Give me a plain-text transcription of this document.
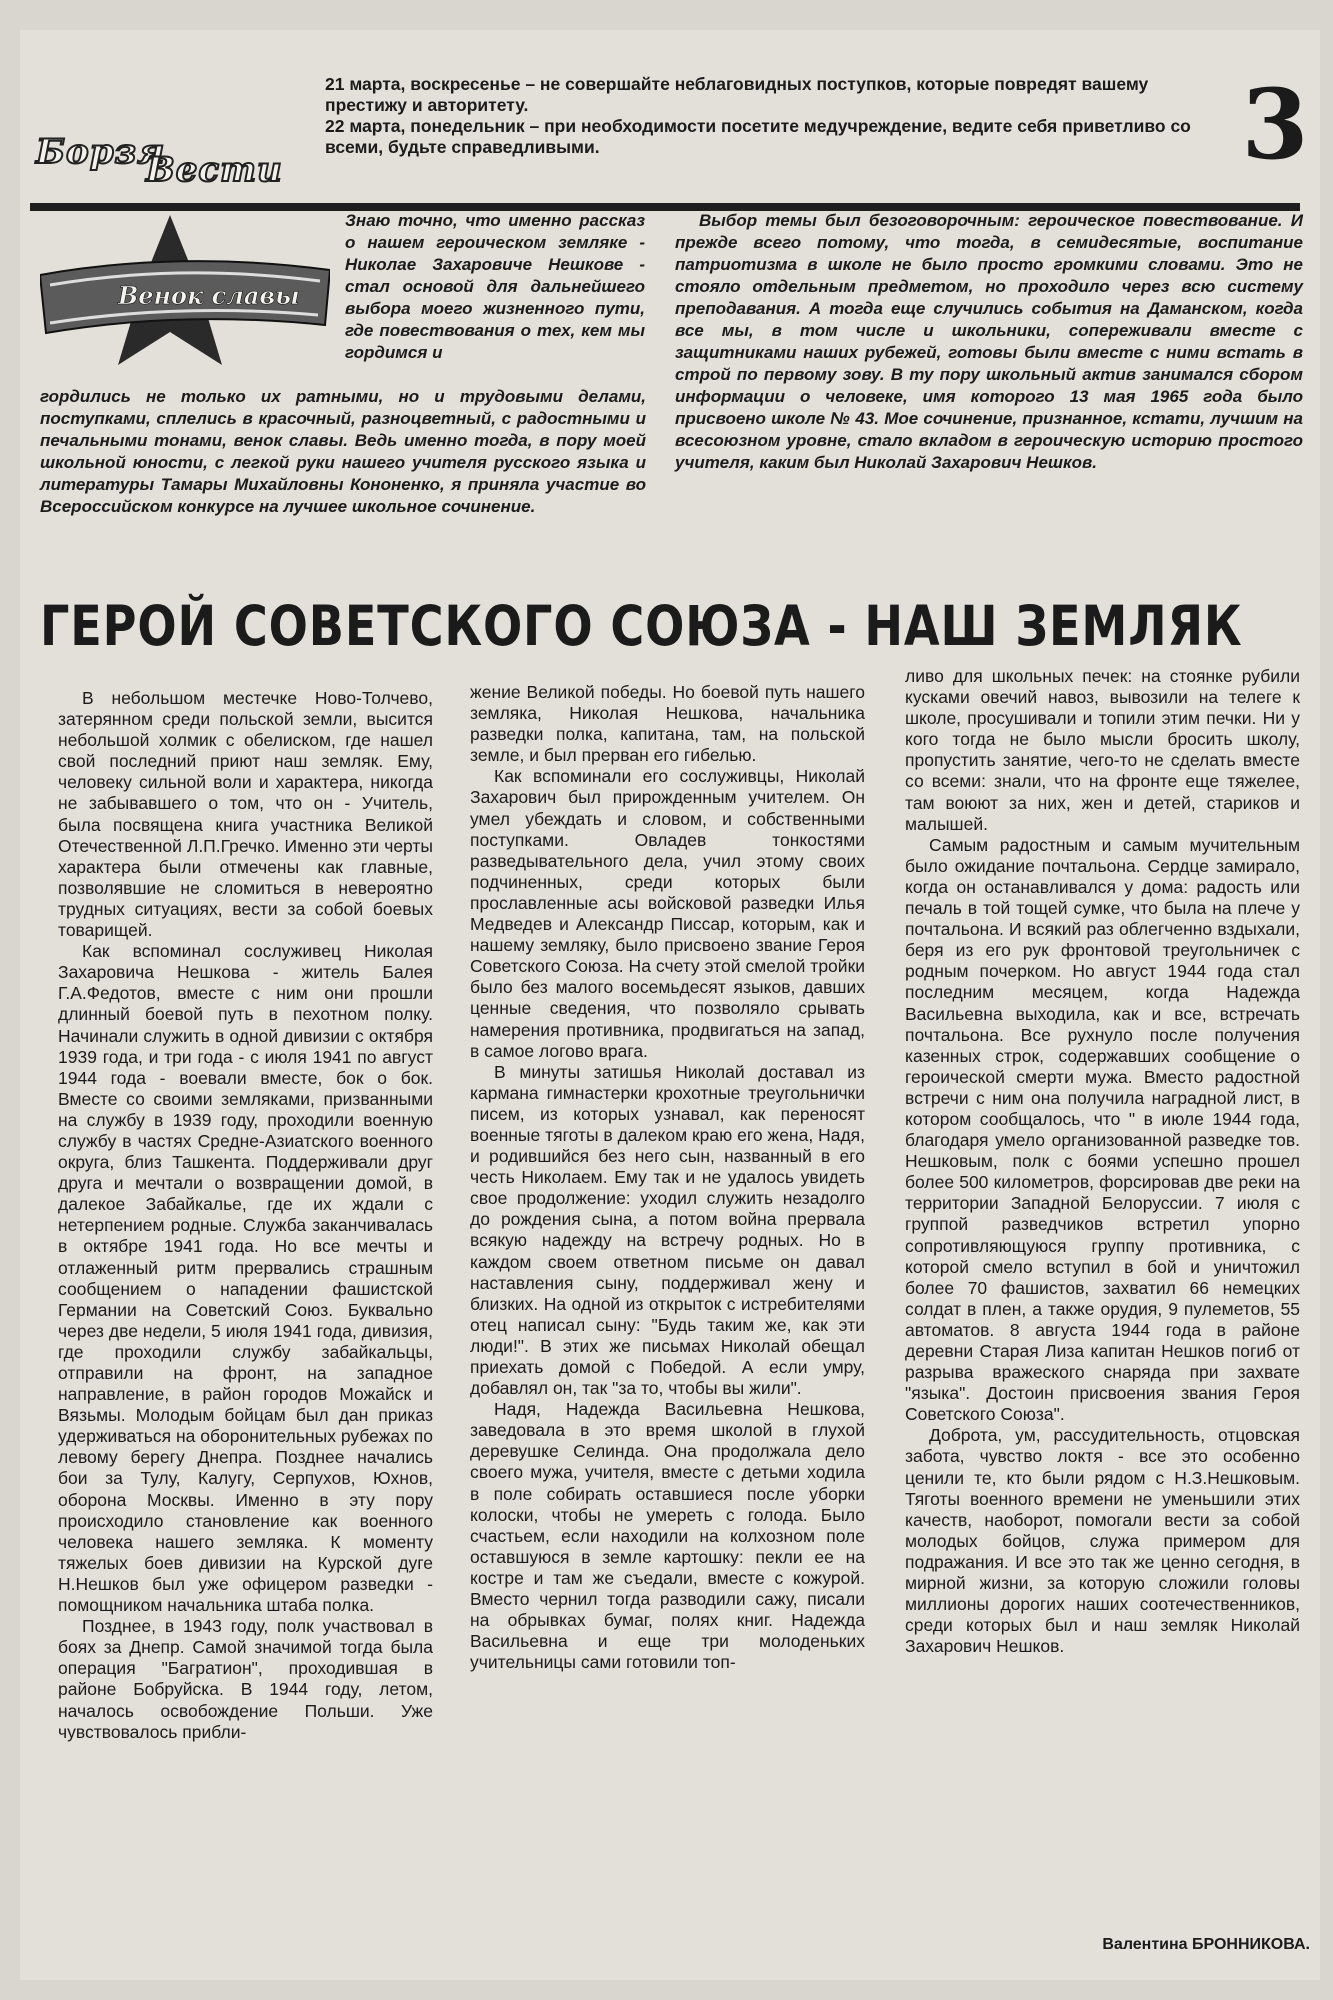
Борзя
Вести

21 марта, воскресенье – не совершайте неблаговидных поступков, которые повредят вашему престижу и авторитету.

22 марта, понедельник – при необходимости посетите медучреждение, ведите себя приветливо со всеми, будьте справедливыми.	3
Венок славы

Знаю точно, что именно рассказ о нашем героическом земляке - Николае Захаровиче Нешкове - стал основой для дальнейшего выбора моего жизненного пути, где повествования о тех, кем мы гордимся и

гордились не только их ратными, но и трудовыми делами, поступками, сплелись в красочный, разноцветный, с радостными и печальными тонами, венок славы. Ведь именно тогда, в пору моей школьной юности, с легкой руки нашего учителя русского языка и литературы Тамары Михайловны Кононенко, я приняла участие во Всероссийском конкурсе на лучшее школьное сочинение.

Выбор темы был безоговорочным: героическое повествование. И прежде всего потому, что тогда, в семидесятые, воспитание патриотизма в школе не было просто громкими словами. Это не стояло отдельным предметом, но проходило через всю систему преподавания. А тогда еще случились события на Даманском, когда все мы, в том числе и школьники, сопереживали вместе с защитниками наших рубежей, готовы были вместе с ними встать в строй по первому зову. В ту пору школьный актив занимался сбором информации о человеке, имя которого 13 мая 1965 года было присвоено школе № 43. Мое сочинение, признанное, кстати, лучшим на всесоюзном уровне, стало вкладом в героическую историю простого учителя, каким был Николай Захарович Нешков.

ГЕРОЙ СОВЕТСКОГО СОЮЗА - НАШ ЗЕМЛЯК

В небольшом местечке Ново-Толчево, затерянном среди польской земли, высится небольшой холмик с обелиском, где нашел свой последний приют наш земляк. Ему, человеку сильной воли и характера, никогда не забывавшего о том, что он - Учитель, была посвящена книга участника Великой Отечественной Л.П.Гречко. Именно эти черты характера были отмечены как главные, позволявшие не сломиться в невероятно трудных ситуациях, вести за собой боевых товарищей.

Как вспоминал сослуживец Николая Захаровича Нешкова - житель Балея Г.А.Федотов, вместе с ним они прошли длинный боевой путь в пехотном полку. Начинали служить в одной дивизии с октября 1939 года, и три года - с июля 1941 по август 1944 года - воевали вместе, бок о бок. Вместе со своими земляками, призванными на службу в 1939 году, проходили военную службу в частях Средне-Азиатского военного округа, близ Ташкента. Поддерживали друг друга и мечтали о возвращении домой, в далекое Забайкалье, где их ждали с нетерпением родные. Служба заканчивалась в октябре 1941 года. Но все мечты и отлаженный ритм прервались страшным сообщением о нападении фашистской Германии на Советский Союз. Буквально через две недели, 5 июля 1941 года, дивизия, где проходили службу забайкальцы, отправили на фронт, на западное направление, в район городов Можайск и Вязьмы. Молодым бойцам был дан приказ удерживаться на оборонительных рубежах по левому берегу Днепра. Позднее начались бои за Тулу, Калугу, Серпухов, Юхнов, оборона Москвы. Именно в эту пору происходило становление как военного человека нашего земляка. К моменту тяжелых боев дивизии на Курской дуге Н.Нешков был уже офицером разведки - помощником начальника штаба полка.

Позднее, в 1943 году, полк участвовал в боях за Днепр. Самой значимой тогда была операция "Багратион", проходившая в районе Бобруйска. В 1944 году, летом, началось освобождение Польши. Уже чувствовалось прибли-

жение Великой победы. Но боевой путь нашего земляка, Николая Нешкова, начальника разведки полка, капитана, там, на польской земле, и был прерван его гибелью.

Как вспоминали его сослуживцы, Николай Захарович был прирожденным учителем. Он умел убеждать и словом, и собственными поступками. Овладев тонкостями разведывательного дела, учил этому своих подчиненных, среди которых были прославленные асы войсковой разведки Илья Медведев и Александр Писсар, которым, как и нашему земляку, было присвоено звание Героя Советского Союза. На счету этой смелой тройки было без малого восемьдесят языков, давших ценные сведения, что позволяло срывать намерения противника, продвигаться на запад, в самое логово врага.

В минуты затишья Николай доставал из кармана гимнастерки крохотные треугольнички писем, из которых узнавал, как переносят военные тяготы в далеком краю его жена, Надя, и родившийся без него сын, названный в его честь Николаем. Ему так и не удалось увидеть свое продолжение: уходил служить незадолго до рождения сына, а потом война прервала всякую надежду на встречу родных. Но в каждом своем ответном письме он давал наставления сыну, поддерживал жену и близких. На одной из открыток с истребителями отец написал сыну: "Будь таким же, как эти люди!". В этих же письмах Николай обещал приехать домой с Победой. А если умру, добавлял он, так "за то, чтобы вы жили".

Надя, Надежда Васильевна Нешкова, заведовала в это время школой в глухой деревушке Селинда. Она продолжала дело своего мужа, учителя, вместе с детьми ходила в поле собирать оставшиеся после уборки колоски, чтобы не умереть с голода. Было счастьем, если находили на колхозном поле оставшуюся в земле картошку: пекли ее на костре и там же съедали, вместе с кожурой. Вместо чернил тогда разводили сажу, писали на обрывках бумаг, полях книг. Надежда Васильевна и еще три молоденьких учительницы сами готовили топ-

ливо для школьных печек: на стоянке рубили кусками овечий навоз, вывозили на телеге к школе, просушивали и топили этим печки. Ни у кого тогда не было мысли бросить школу, пропустить занятие, чего-то не сделать вместе со всеми: знали, что на фронте еще тяжелее, там воюют за них, жен и детей, стариков и малышей.

Самым радостным и самым мучительным было ожидание почтальона. Сердце замирало, когда он останавливался у дома: радость или печаль в той тощей сумке, что была на плече у почтальона. И всякий раз облегченно вздыхали, беря из его рук фронтовой треугольничек с родным почерком. Но август 1944 года стал последним месяцем, когда Надежда Васильевна выходила, как и все, встречать почтальона. Все рухнуло после получения казенных строк, содержавших сообщение о героической смерти мужа. Вместо радостной встречи с ним она получила наградной лист, в котором сообщалось, что " в июле 1944 года, благодаря умело организованной разведке тов. Нешковым, полк с боями успешно прошел более 500 километров, форсировав две реки на территории Западной Белоруссии. 7 июля с группой разведчиков встретил упорно сопротивляющуюся группу противника, с которой смело вступил в бой и уничтожил более 70 фашистов, захватил 66 немецких солдат в плен, а также орудия, 9 пулеметов, 55 автоматов. 8 августа 1944 года в районе деревни Старая Лиза капитан Нешков погиб от разрыва вражеского снаряда при захвате "языка". Достоин присвоения звания Героя Советского Союза".

Доброта, ум, рассудительность, отцовская забота, чувство локтя - все это особенно ценили те, кто были рядом с Н.З.Нешковым. Тяготы военного времени не уменьшили этих качеств, наоборот, помогали вести за собой молодых бойцов, служа примером для подражания. И все это так же ценно сегодня, в мирной жизни, за которую сложили головы миллионы дорогих наших соотечественников, среди которых был и наш земляк Николай Захарович Нешков.

Валентина БРОННИКОВА.
